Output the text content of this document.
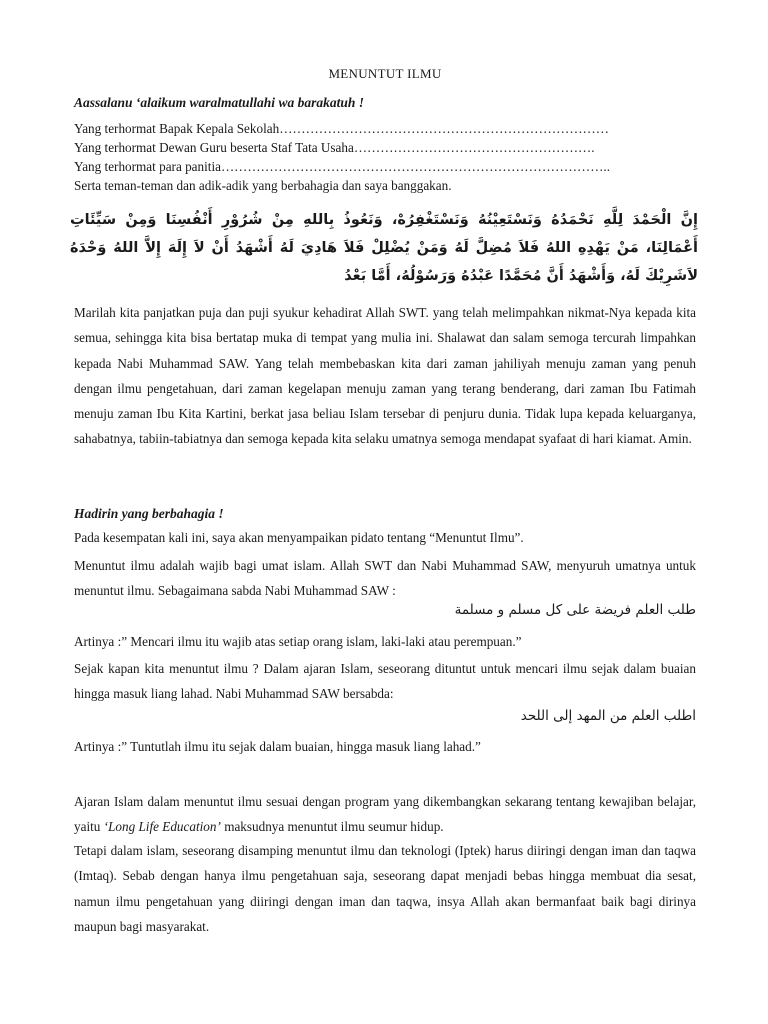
MENUNTUT ILMU
Aassalanu ‘alaikum waralmatullahi wa barakatuh !
Yang terhormat Bapak Kepala Sekolah…………………………………………………………………
Yang terhormat Dewan Guru beserta Staf Tata Usaha……………………………………………….
Yang terhormat para panitia……………………………………………………………………………..
Serta teman-teman dan adik-adik yang berbahagia dan saya banggakan.
إِنَّ الْحَمْدَ لِلَّهِ نَحْمَدُهُ وَنَسْتَعِيْنُهُ وَنَسْتَغْفِرُهْ، وَنَعُوذُ بِاللهِ مِنْ شُرُوْرِ أَنْفُسِنَا وَمِنْ سَيِّئَاتِ أَعْمَالِنَا، مَنْ يَهْدِهِ اللهُ فَلاَ مُضِلَّ لَهُ وَمَنْ يُضْلِلْ فَلاَ هَادِيَ لَهُ أَشْهَدُ أَنْ لاَ إِلَهَ إِلاَّ اللهُ وَحْدَهُ لاَشَرِيْكَ لَهُ، وَأَشْهَدُ أَنَّ مُحَمَّدًا عَبْدُهُ وَرَسُوْلُهُ، أَمَّا بَعْدُ
Marilah kita panjatkan puja dan puji syukur kehadirat Allah SWT. yang telah melimpahkan nikmat-Nya kepada kita semua, sehingga kita bisa bertatap muka di tempat yang mulia ini. Shalawat dan salam semoga tercurah limpahkan kepada Nabi Muhammad SAW. Yang telah membebaskan kita dari zaman jahiliyah menuju zaman yang penuh dengan ilmu pengetahuan, dari zaman kegelapan menuju zaman yang terang benderang, dari zaman Ibu Fatimah menuju zaman Ibu Kita Kartini, berkat jasa beliau Islam tersebar di penjuru dunia. Tidak lupa kepada keluarganya, sahabatnya, tabiin-tabiatnya dan semoga kepada kita selaku umatnya semoga mendapat syafaat di hari kiamat. Amin.
Hadirin yang berbahagia !
Pada kesempatan kali ini, saya akan menyampaikan pidato tentang “Menuntut Ilmu”.
Menuntut ilmu adalah wajib bagi umat islam. Allah SWT dan Nabi Muhammad SAW, menyuruh umatnya untuk menuntut ilmu. Sebagaimana sabda Nabi Muhammad SAW :
طلب العلم فريضة على كل مسلم و مسلمة
Artinya :” Mencari ilmu itu wajib atas setiap orang islam, laki-laki atau perempuan.”
Sejak kapan kita menuntut ilmu ? Dalam ajaran Islam, seseorang dituntut untuk mencari ilmu sejak dalam buaian hingga masuk liang lahad. Nabi Muhammad SAW bersabda:
اطلب العلم من المهد إلى اللحد
Artinya :” Tuntutlah ilmu itu sejak dalam buaian, hingga masuk liang lahad.”
Ajaran Islam dalam menuntut ilmu sesuai dengan program yang dikembangkan sekarang tentang kewajiban belajar, yaitu ‘Long Life Education’ maksudnya menuntut ilmu seumur hidup.
Tetapi dalam islam, seseorang disamping menuntut ilmu dan teknologi (Iptek) harus diiringi dengan iman dan taqwa (Imtaq). Sebab dengan hanya ilmu pengetahuan saja, seseorang dapat menjadi bebas hingga membuat dia sesat, namun ilmu pengetahuan yang diiringi dengan iman dan taqwa, insya Allah akan bermanfaat baik bagi dirinya maupun bagi masyarakat.
